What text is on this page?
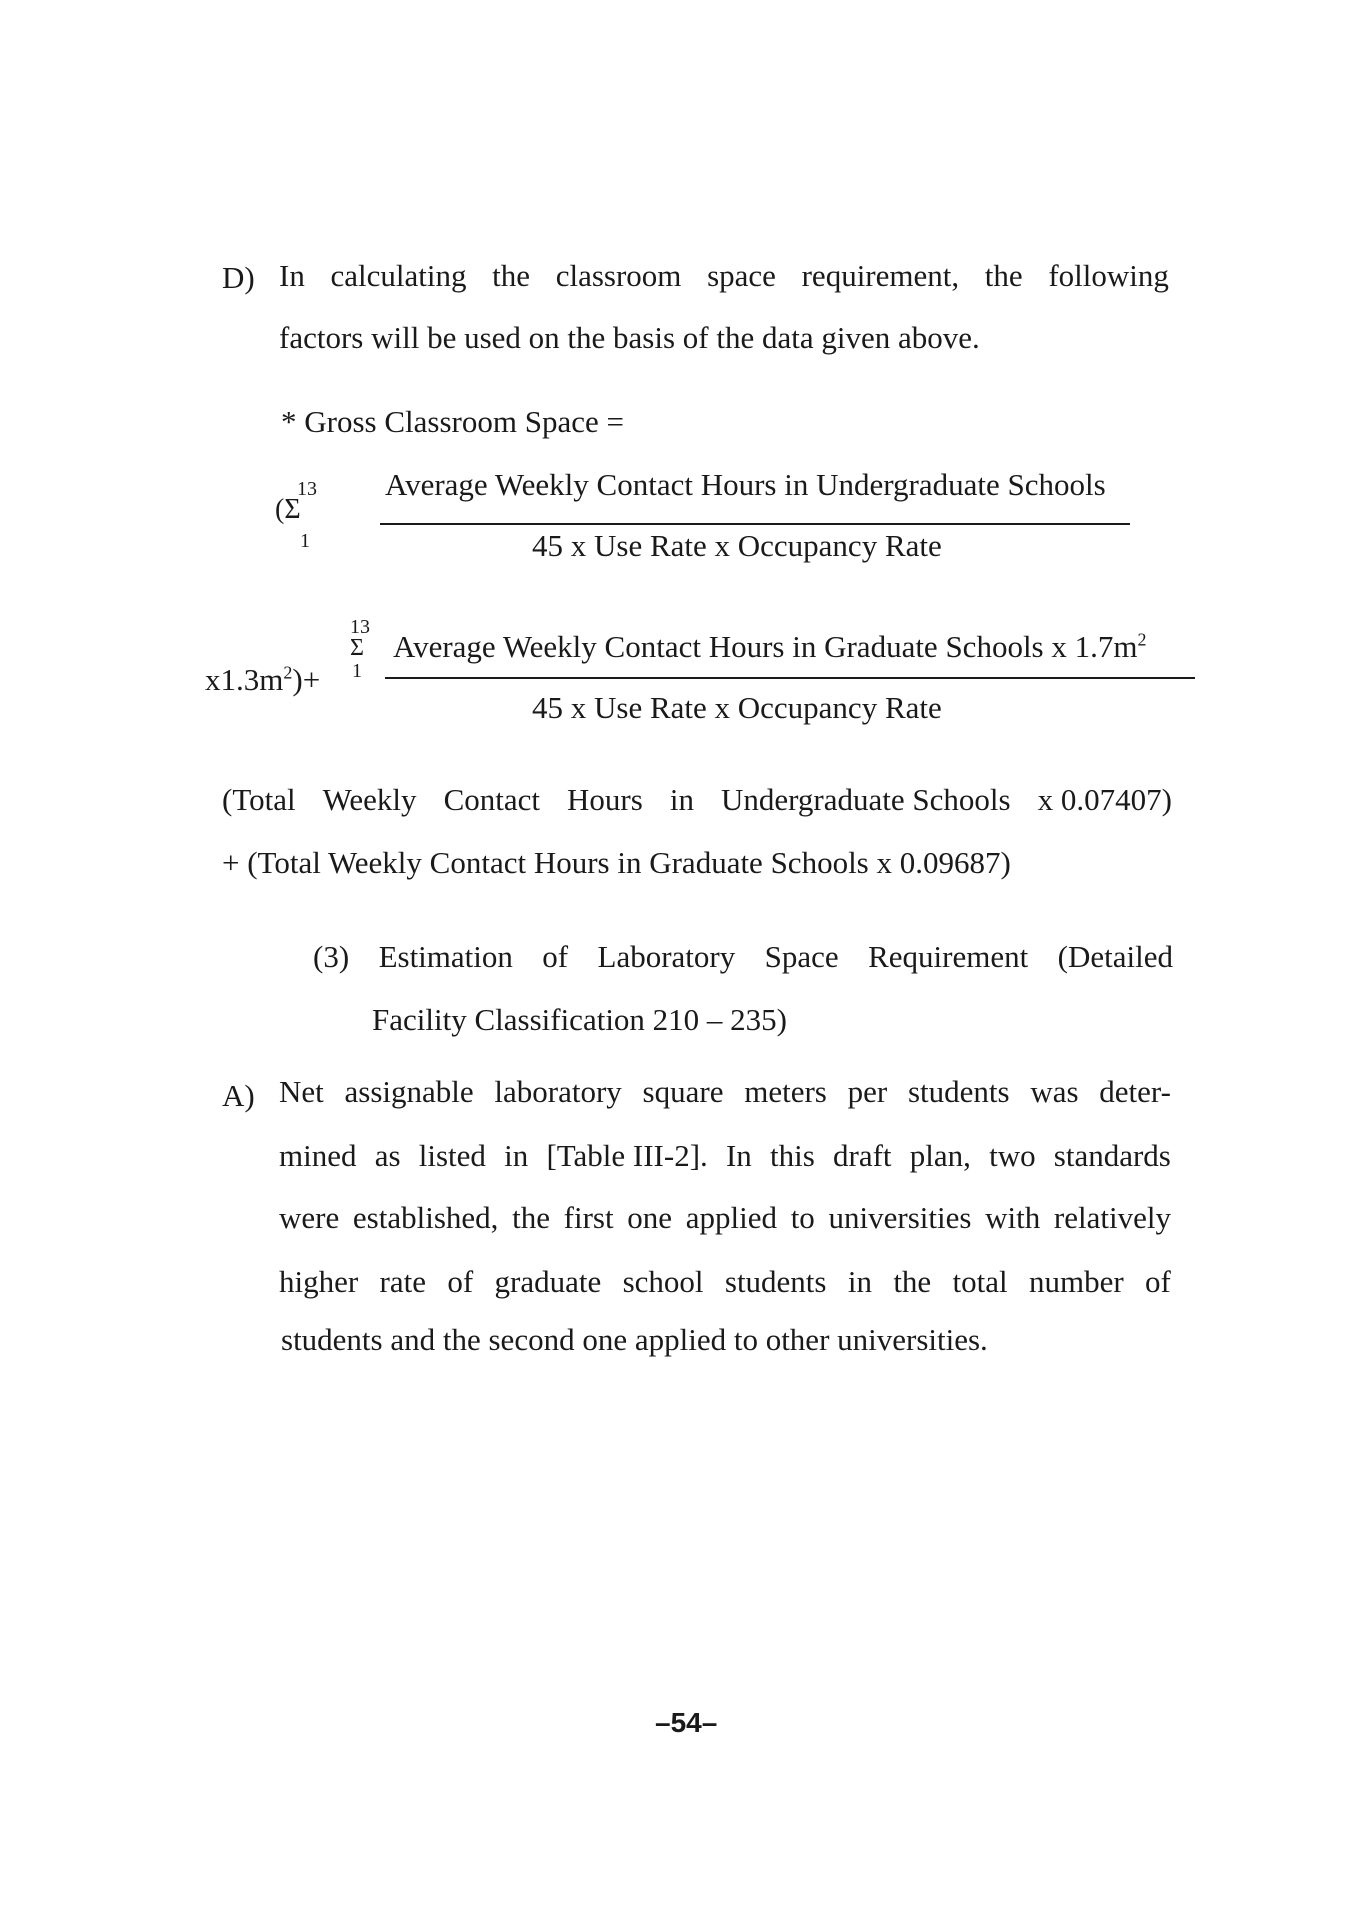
D) In calculating the classroom space requirement, the following
factors will be used on the basis of the data given above.
* Gross Classroom Space =
13
(Σ
1
Average Weekly Contact Hours in Undergraduate Schools
45 x Use Rate x Occupancy Rate
13
Σ Average Weekly Contact Hours in Graduate Schools x $1.7m^2$
$x1.3m^2)+ 1$
45 x Use Rate x Occupancy Rate
(Total Weekly Contact Hours in Undergraduate Schools x 0.07407)
+ (Total Weekly Contact Hours in Graduate Schools x 0.09687)
(3) Estimation of Laboratory Space Requirement (Detailed
Facility Classification 210 – 235)
A) Net assignable laboratory square meters per students was deter-
mined as listed in [Table III-2]. In this draft plan, two standards
were established, the first one applied to universities with relatively
higher rate of graduate school students in the total number of
students and the second one applied to other universities.
–54–
